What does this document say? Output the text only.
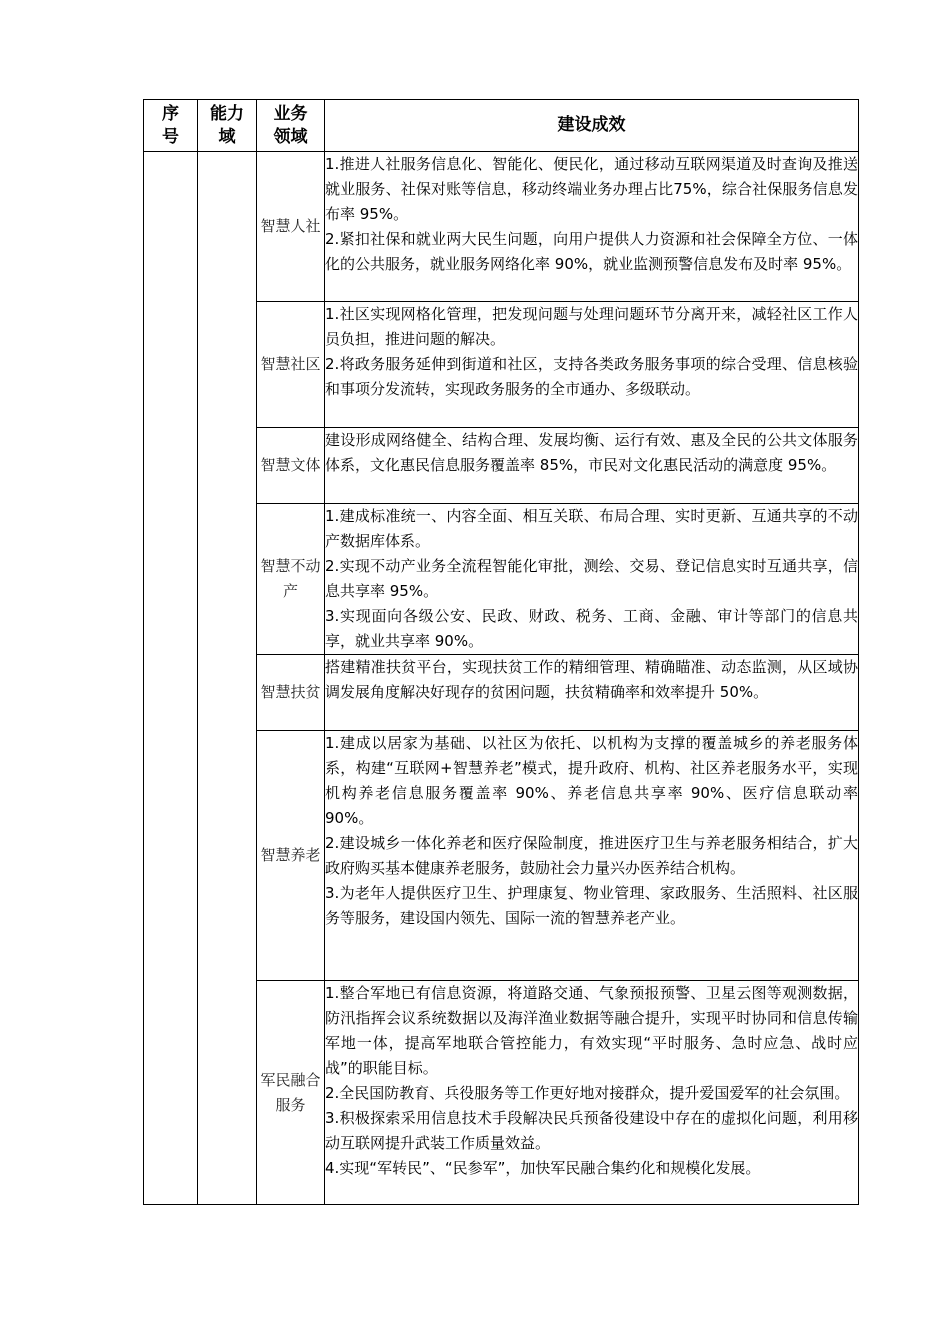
序号	能力域	业务领域	建设成效
		智慧人社	1.推进人社服务信息化、智能化、便民化，通过移动互联网渠道及时查询及推送就业服务、社保对账等信息，移动终端业务办理占比75%，综合社保服务信息发布率 95%。

2.紧扣社保和就业两大民生问题，向用户提供人力资源和社会保障全方位、一体化的公共服务，就业服务网络化率 90%，就业监测预警信息发布及时率 95%。

		智慧社区	1.社区实现网格化管理，把发现问题与处理问题环节分离开来，减轻社区工作人员负担，推进问题的解决。

2.将政务服务延伸到街道和社区，支持各类政务服务事项的综合受理、信息核验和事项分发流转，实现政务服务的全市通办、多级联动。

		智慧文体	建设形成网络健全、结构合理、发展均衡、运行有效、惠及全民的公共文体服务体系，文化惠民信息服务覆盖率 85%，市民对文化惠民活动的满意度 95%。

		智慧不动产	1.建成标准统一、内容全面、相互关联、布局合理、实时更新、互通共享的不动产数据库体系。

2.实现不动产业务全流程智能化审批，测绘、交易、登记信息实时互通共享，信息共享率 95%。

3.实现面向各级公安、民政、财政、税务、工商、金融、审计等部门的信息共享，就业共享率 90%。

		智慧扶贫	搭建精准扶贫平台，实现扶贫工作的精细管理、精确瞄准、动态监测，从区域协调发展角度解决好现存的贫困问题，扶贫精确率和效率提升 50%。

		智慧养老	1.建成以居家为基础、以社区为依托、以机构为支撑的覆盖城乡的养老服务体系，构建“互联网+智慧养老”模式，提升政府、机构、社区养老服务水平，实现机构养老信息服务覆盖率 90%、养老信息共享率 90%、医疗信息联动率 90%。

2.建设城乡一体化养老和医疗保险制度，推进医疗卫生与养老服务相结合，扩大政府购买基本健康养老服务，鼓励社会力量兴办医养结合机构。

3.为老年人提供医疗卫生、护理康复、物业管理、家政服务、生活照料、社区服务等服务，建设国内领先、国际一流的智慧养老产业。

		军民融合服务	1.整合军地已有信息资源，将道路交通、气象预报预警、卫星云图等观测数据，防汛指挥会议系统数据以及海洋渔业数据等融合提升，实现平时协同和信息传输军地一体，提高军地联合管控能力，有效实现“平时服务、急时应急、战时应战”的职能目标。

2.全民国防教育、兵役服务等工作更好地对接群众，提升爱国爱军的社会氛围。

3.积极探索采用信息技术手段解决民兵预备役建设中存在的虚拟化问题，利用移动互联网提升武装工作质量效益。

4.实现“军转民”、“民参军”，加快军民融合集约化和规模化发展。
